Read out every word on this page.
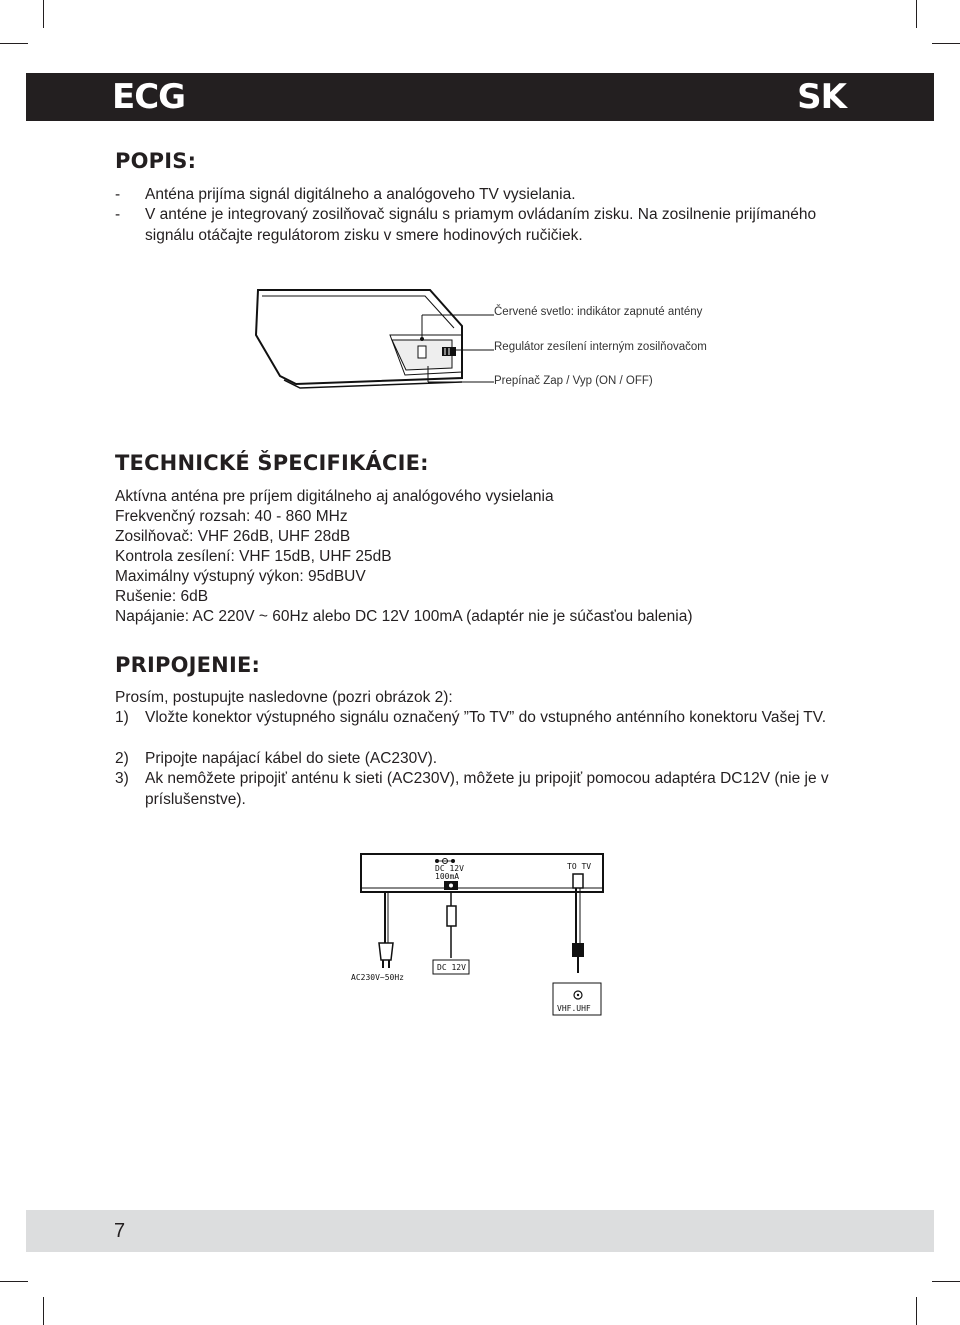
ECG	SK
POPIS:
-	Anténa prijíma signál digitálneho a analógoveho TV vysielania.
-	V anténe je integrovaný zosilňovač signálu s priamym ovládaním zisku. Na zosilnenie prijímaného signálu otáčajte regulátorom zisku v smere hodinových ručičiek.
Červené svetlo: indikátor zapnuté antény
Regulátor zesílení interným zosilňovačom
Prepínač Zap / Vyp (ON / OFF)
TECHNICKÉ ŠPECIFIKÁCIE:
Aktívna anténa pre príjem digitálneho aj analógového vysielania
Frekvenčný rozsah: 40 - 860 MHz
Zosilňovač: VHF 26dB, UHF 28dB
Kontrola zesílení: VHF 15dB, UHF 25dB
Maximálny výstupný výkon: 95dBUV
Rušenie: 6dB
Napájanie: AC 220V ~ 60Hz alebo DC 12V 100mA (adaptér nie je súčasťou balenia)
PRIPOJENIE:
Prosím, postupujte nasledovne (pozri obrázok 2):
1)	Vložte konektor výstupného signálu označený ”To TV” do vstupného anténního konektoru Vašej TV.
2)	Pripojte napájací kábel do siete (AC230V).
3)	Ak nemôžete pripojiť anténu k sieti (AC230V), môžete ju pripojiť pomocou adaptéra DC12V (nie je v príslušenstve).
DC 12V
100mA
TO TV
AC230V~50Hz
DC 12V
VHF.UHF
7
